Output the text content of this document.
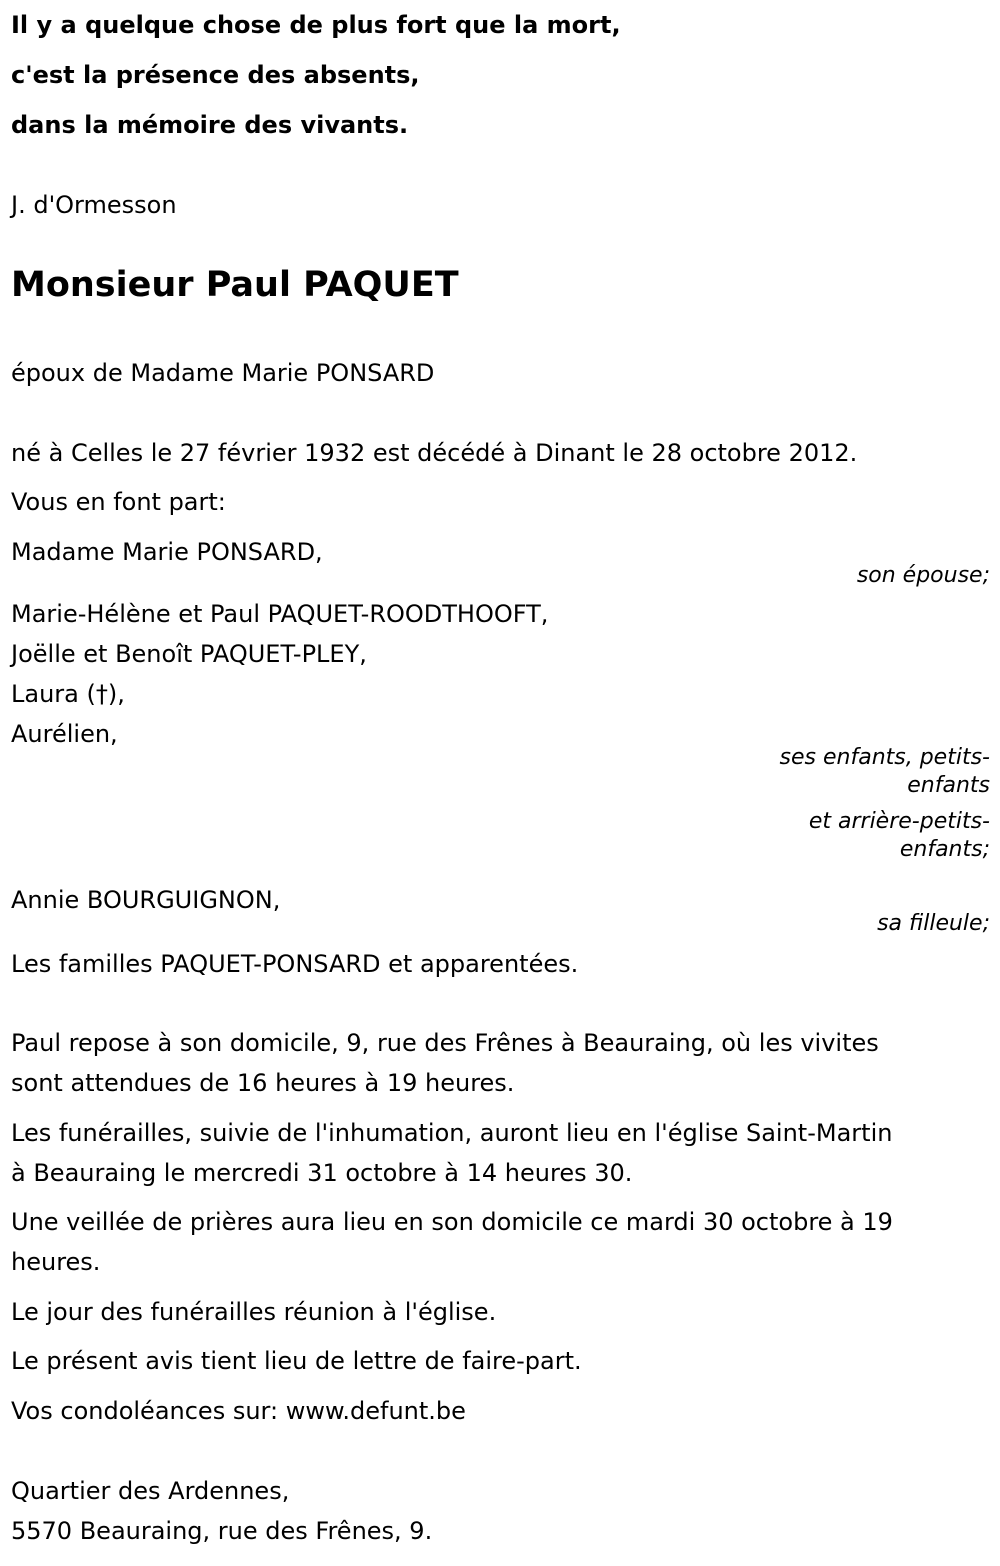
Il y a quelque chose de plus fort que la mort,
c'est la présence des absents,
dans la mémoire des vivants.
J. d'Ormesson
Monsieur Paul PAQUET
époux de Madame Marie PONSARD
né à Celles le 27 février 1932 est décédé à Dinant le 28 octobre 2012.
Vous en font part:
Madame Marie PONSARD,
son épouse;
Marie-Hélène et Paul PAQUET-ROODTHOOFT,
Joëlle et Benoît PAQUET-PLEY,
Laura (†),
Aurélien,
ses enfants, petits-enfants
et arrière-petits-enfants;
Annie BOURGUIGNON,
sa filleule;
Les familles PAQUET-PONSARD et apparentées.
Paul repose à son domicile, 9, rue des Frênes à Beauraing, où les vivites
sont attendues de 16 heures à 19 heures.
Les funérailles, suivie de l'inhumation, auront lieu en l'église Saint-Martin
à Beauraing le mercredi 31 octobre à 14 heures 30.
Une veillée de prières aura lieu en son domicile ce mardi 30 octobre à 19
heures.
Le jour des funérailles réunion à l'église.
Le présent avis tient lieu de lettre de faire-part.
Vos condoléances sur: www.defunt.be
Quartier des Ardennes,
5570 Beauraing, rue des Frênes, 9.
